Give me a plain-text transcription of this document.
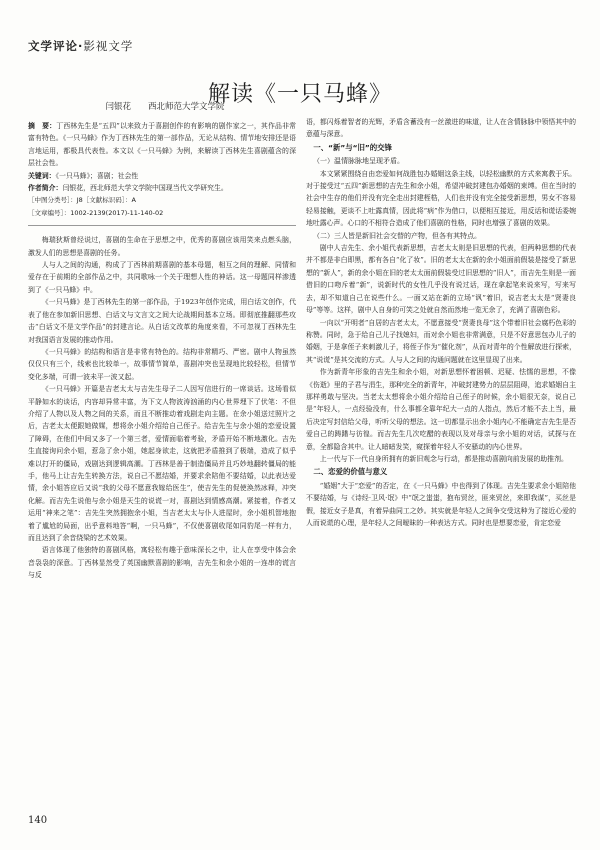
文学评论·影视文学
解读《一只马蜂》
闫银花　　西北师范大学文学院

摘　要：丁西林先生是“五四”以来致力于喜剧创作的有影响的剧作家之一，其作品非常富有特色。《一只马蜂》作为丁西林先生的第一部作品，无论从结构、情节地安排还是语言地运用，都极具代表性。本文以《一只马蜂》为例，来解读丁西林先生喜剧蕴含的深层社会性。

关键词：《一只马蜂》；喜剧；社会性

作者简介：闫银花，西北师范大学文学院中国现当代文学研究生。

［中图分类号］：J8［文献标识码］：A

［文章编号］：1002-2139(2017)-11-140-02

梅瑞狄斯曾经说过，喜剧的生命在于思想之中，优秀的喜剧应该用笑来点燃头脑，激发人们的思想是喜剧的任务。

人与人之间的沟通，构成了丁西林前期喜剧的基本母题，相互之间的理解、同情和爱存在于前期的全部作品之中，共同歌咏一个关于理想人性的神话。这一母题同样渗透到了《一只马蜂》中。

《一只马蜂》是丁西林先生的第一部作品，于1923年创作完成，用白话文创作，代表了他在参加新旧思想、白话文与文言文之间大论战期间基本立场。即彻底推翻那些攻击“白话文不是文学作品”的封建言论。从白话文改革的角度来看，不可忽视丁西林先生对我国语言发展的推动作用。

《一只马蜂》的结构和语言是非常有特色的。结构非常精巧、严密。剧中人物虽然仅仅只有三个，线索也比较单一，故事情节简单，喜剧冲突也呈现地比较轻松，但情节变化多端，可谓一波未平一波又起。

《一只马蜂》开篇是吉老太太与吉先生母子二人因写信进行的一席谈话。这场看似平静如水的谈话，内容却异常丰富，为下文人物波涛汹涌的内心世界埋下了伏笔：不但介绍了人物以及人物之间的关系，而且不断推动着戏剧走向主题。在余小姐送过照片之后，吉老太太便跟她做媒，想将余小姐介绍给自己侄子。给吉先生与余小姐的恋爱设置了障碍，在他们中间又多了一个第三者，爱情面临着考验，矛盾开始不断地激化。吉先生直接询问余小姐，惹急了余小姐，她起身欲走，这就把矛盾推到了极端，造成了似乎难以打开的僵局，戏剧达到逻辑高潮。丁西林是善于制造僵局并且巧妙地翻转僵局的能手，他马上让吉先生转换方法，说自己不愿结婚，并要求余陪他不要结婚，以此表达爱情，余小姐答应后又说“我的父母不愿意我嫁给医生”，使吉先生的促使涣然冰释，冲突化解。而吉先生说他与余小姐是天生的说谎一对，喜剧达到情感高潮。紧接着，作者又运用“神来之笔”：吉先生突然拥抱余小姐，当吉老太太与仆人进屋时，余小姐机智地抱着了尴尬的局面，出乎意料地答“啊，一只马蜂”，不仅使喜剧收尾如同豹尾一样有力，而且达到了余音绕梁的艺术效果。

语言体现了他独特的喜剧风格，寓轻松有趣于意味深长之中，让人在享受中体会余音袅袅的深意。丁西林显然受了英国幽默喜剧的影响，吉先生和余小姐的一连串的谎言与反

语，都闪烁着智者的光辉，矛盾含蓄没有一丝激进的味道，让人在含情脉脉中领悟其中的意蕴与深意。

一、“新”与“旧”的交锋

（一）温情脉脉地呈现矛盾。

本文紧紧围绕自由恋爱如何战胜包办婚姻这条主线，以轻松幽默的方式来寓教于乐。对于接受过“五四”新思想的吉先生和余小姐，希望冲破封建包办婚姻的束缚。但在当时的社会中生存的他们并没有完全走出封建桎梏，人们也并没有完全接受新思想，男女不容易轻易接触，更谈不上吐露真情，因此将“病”作为借口，以便相互接近，用反话和谎话委婉地吐露心声。心口的不相符合造成了他们喜剧的性格，同时也增强了喜剧的效果。

（二）三人皆是新旧社会交替的产物，但各有其特点。

剧中人吉先生、余小姐代表新思想，吉老太太则是旧思想的代表，但两种思想的代表并不都是非白即黑，都有各自“化了妆”。旧的老太太在新的余小姐面前假装是接受了新思想的“新人”，新的余小姐在旧的老太太面前假装受过旧思想的“旧人”，而吉先生则是一面借旧的口吻斥着“新”，说新时代的女性几乎没有说过话，现在拿起笔来说来写，写来写去，却不知道自己在说些什么。一面又站在新的立场“讽”着旧，说吉老太太是“贤妻良母”等等。这样，剧中人自身的可笑之处就自然而然地一览无余了，充满了喜剧色彩。

一向以“开明者”自居的吉老太太，不愿意接受“贤妻良母”这个带着旧社会腐朽色彩的称赞。同时，急于给自己儿子找媳妇，而对余小姐也非常满意，只是不好意思包办儿子的婚姻，于是拿侄子来刺激儿子，将侄子作为“催化剂”，从而对青年的个性解放进行探索，其“说谎”是其交流的方式。人与人之间的沟通问题就在这里显现了出来。

作为新青年形象的吉先生和余小姐，对新思想怀着困顿、迟疑、怯懦的思想，不像《伤逝》里的子君与涓生，那种完全的新青年，冲破封建势力的层层阻碍，追求婚姻自主那样勇敢与坚决。当老太太想将余小姐介绍给自己侄子的时候，余小姐很无奈，说自己是“年轻人，一点经验没有，什么事都全靠年纪大一点的人指点，然后才能不去上当，最后决定写封信给父母，听听父母的想法。这一切都显示出余小姐内心不能确定吉先生是否爱自己的踌躇与彷徨。而吉先生几次吃醋的表现以及对母亲与余小姐的对话，试探与在意，全都隐含其中。让人暗暗发笑，窥探着年轻人不安骚动的内心世界。

上一代与下一代自身所拥有的新旧观念与行动，都是推动喜剧向前发展的助推剂。

二、恋爱的价值与意义

“婚姻”大于“恋爱”的否定，在《一只马蜂》中也得到了体现。吉先生要求余小姐陪他不要结婚，与《诗经·卫风·氓》中“氓之蚩蚩，抱布贸丝，匪来贸丝，来即我谋”，买丝是假，接近女子是真，有着异曲同工之妙。其实就是年轻人之间争交受这种为了接近心爱的人而说谎的心理，是年轻人之间暧昧的一种表达方式。同时也是想要恋爱，肯定恋爱

140
